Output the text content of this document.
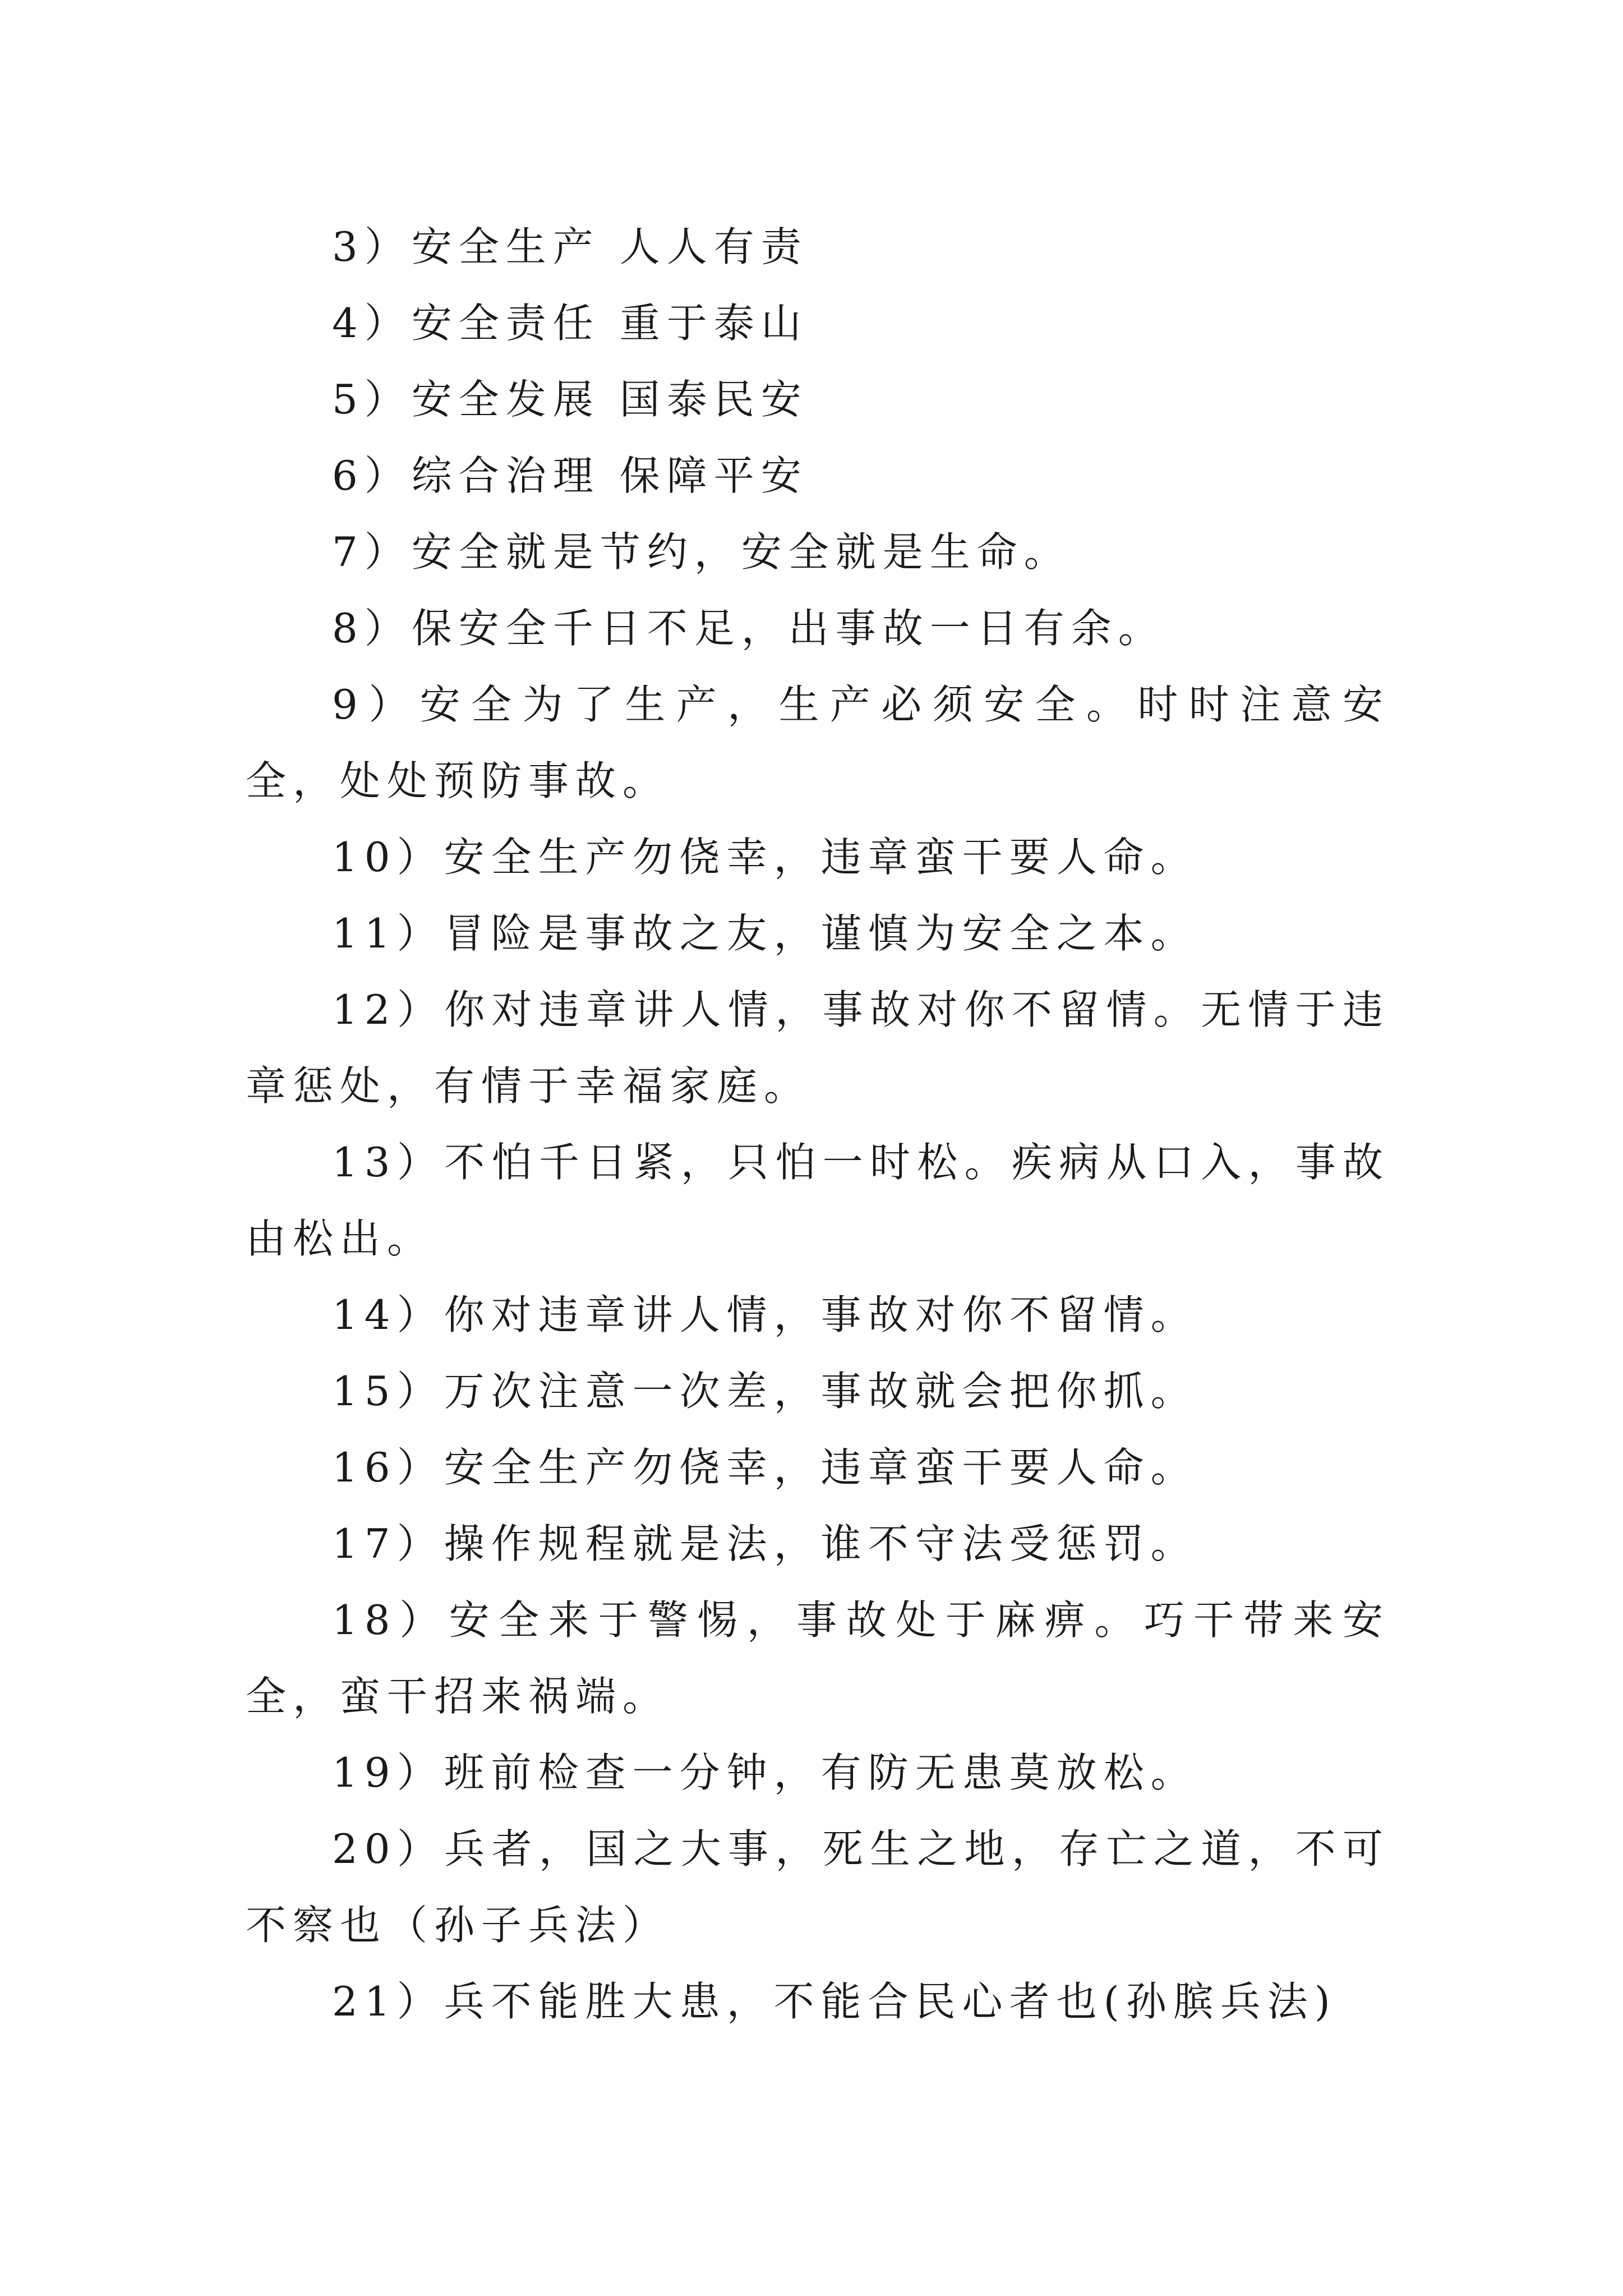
3）安全生产 人人有责

4）安全责任 重于泰山

5）安全发展 国泰民安

6）综合治理 保障平安

7）安全就是节约，安全就是生命。

8）保安全千日不足，出事故一日有余。

9）安全为了生产，生产必须安全。时时注意安全，处处预防事故。

10）安全生产勿侥幸，违章蛮干要人命。

11）冒险是事故之友，谨慎为安全之本。

12）你对违章讲人情，事故对你不留情。无情于违章惩处，有情于幸福家庭。

13）不怕千日紧，只怕一时松。疾病从口入，事故由松出。

14）你对违章讲人情，事故对你不留情。

15）万次注意一次差，事故就会把你抓。

16）安全生产勿侥幸，违章蛮干要人命。

17）操作规程就是法，谁不守法受惩罚。

18）安全来于警惕，事故处于麻痹。巧干带来安全，蛮干招来祸端。

19）班前检查一分钟，有防无患莫放松。

20）兵者，国之大事，死生之地，存亡之道，不可不察也（孙子兵法）

21）兵不能胜大患，不能合民心者也(孙膑兵法)
